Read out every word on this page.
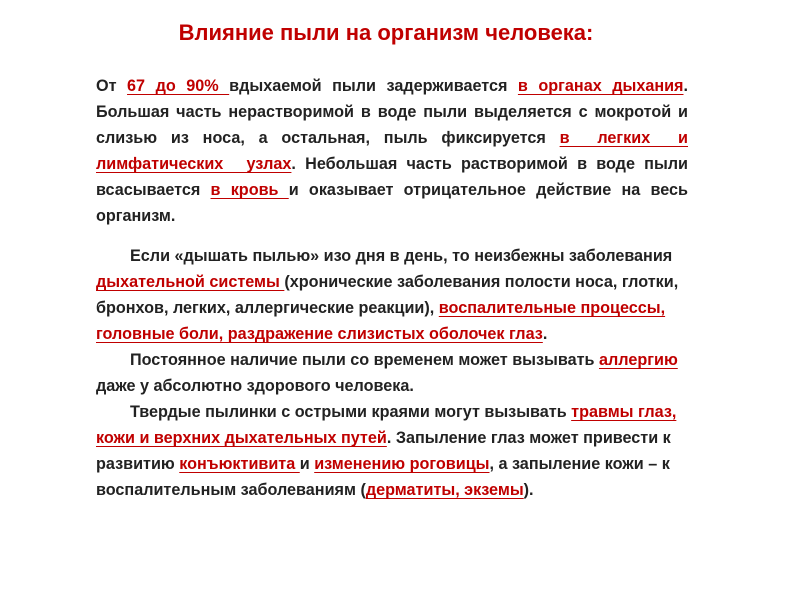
Влияние пыли на организм человека:
От 67 до 90% вдыхаемой пыли задерживается в органах дыхания. Большая часть нерастворимой в воде пыли выделяется с мокротой и слизью из носа, а остальная, пыль фиксируется в легких и лимфатических узлах. Небольшая часть растворимой в воде пыли всасывается в кровь и оказывает отрицательное действие на весь организм.
Если «дышать пылью» изо дня в день, то неизбежны заболевания дыхательной системы (хронические заболевания полости носа, глотки, бронхов, легких, аллергические реакции), воспалительные процессы, головные боли, раздражение слизистых оболочек глаз.
Постоянное наличие пыли со временем может вызывать аллергию даже у абсолютно здорового человека.
Твердые пылинки с острыми краями могут вызывать травмы глаз, кожи и верхних дыхательных путей. Запыление глаз может привести к развитию конъюктивита и изменению роговицы, а запыление кожи – к воспалительным заболеваниям (дерматиты, экземы).
